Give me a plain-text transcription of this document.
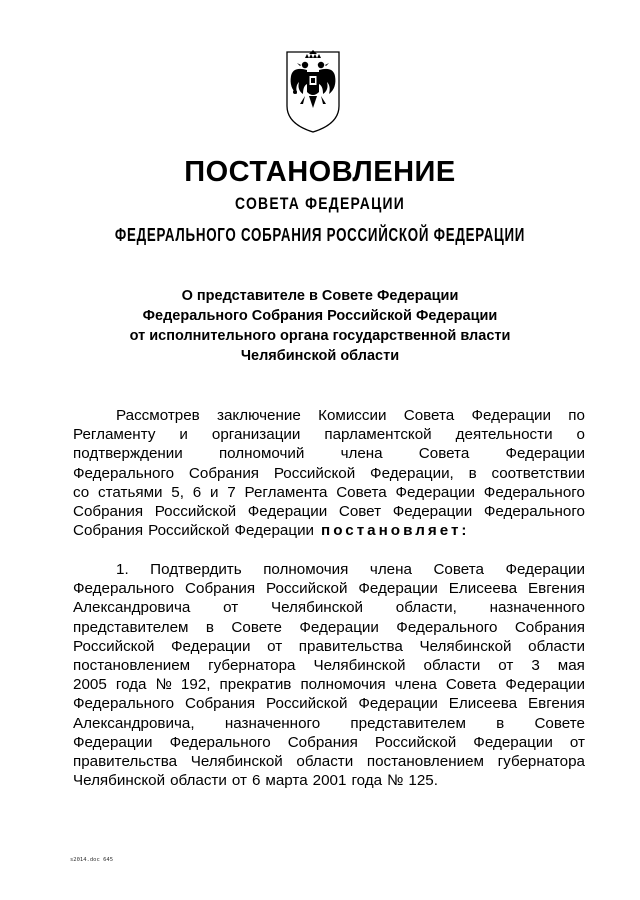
ПОСТАНОВЛЕНИЕ
СОВЕТА ФЕДЕРАЦИИ
ФЕДЕРАЛЬНОГО СОБРАНИЯ РОССИЙСКОЙ ФЕДЕРАЦИИ
О представителе в Совете Федерации
Федерального Собрания Российской Федерации
от исполнительного органа государственной власти
Челябинской области
Рассмотрев заключение Комиссии Совета Федерации по
Регламенту и организации парламентской деятельности о
подтверждении полномочий члена Совета Федерации
Федерального Собрания Российской Федерации, в соответствии
со статьями 5, 6 и 7 Регламента Совета Федерации Федерального
Собрания Российской Федерации Совет Федерации Федерального
Собрания Российской Федерации постановляет:
1. Подтвердить полномочия члена Совета Федерации
Федерального Собрания Российской Федерации Елисеева Евгения
Александровича от Челябинской области, назначенного
представителем в Совете Федерации Федерального Собрания
Российской Федерации от правительства Челябинской области
постановлением губернатора Челябинской области от 3 мая
2005 года № 192, прекратив полномочия члена Совета Федерации
Федерального Собрания Российской Федерации Елисеева Евгения
Александровича, назначенного представителем в Совете
Федерации Федерального Собрания Российской Федерации от
правительства Челябинской области постановлением губернатора
Челябинской области от 6 марта 2001 года № 125.
s2014.doc 645
